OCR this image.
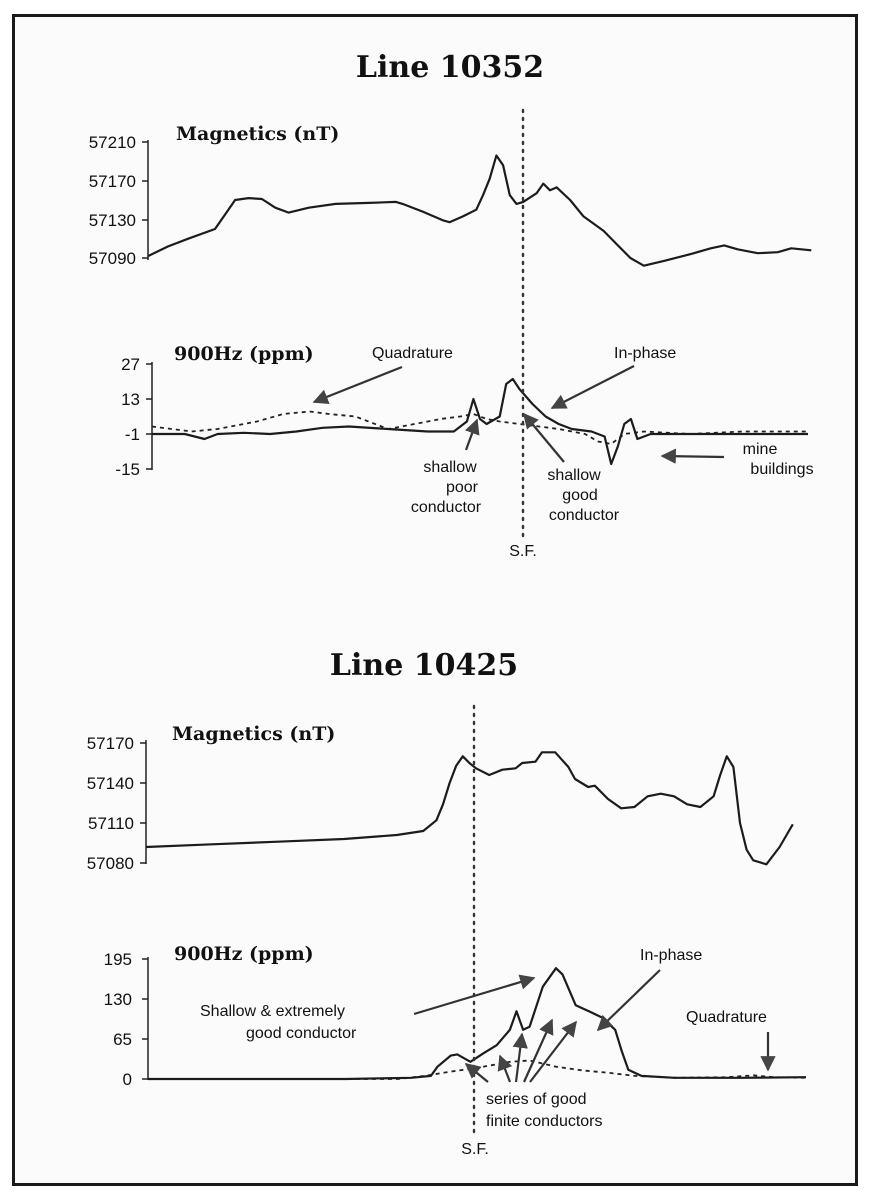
Line 10352
Magnetics (nT)
57210
57170
57130
57090
900Hz (ppm)
27
13
-1
-15
S.F.
Quadrature	In-phase
shallow
poor
conductor
shallow
good
conductor
mine
buildings
Line 10425
Magnetics (nT)
57170
57140
57110
57080
900Hz (ppm)
195
130
65
0
S.F.
Shallow & extremely
good conductor
In-phase
Quadrature
series of good
finite conductors
